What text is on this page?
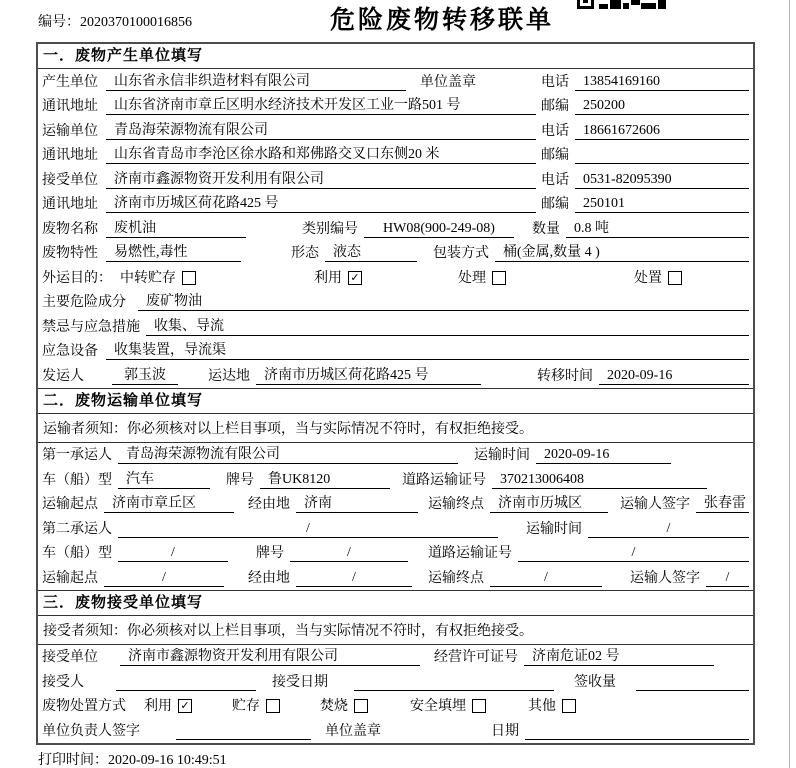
编号：2020370100016856	危险废物转移联单
一．废物产生单位填写
产生单位	山东省永信非织造材料有限公司	单位盖章	电话	13854169160
通讯地址	山东省济南市章丘区明水经济技术开发区工业一路501 号	邮编	250200
运输单位	青岛海荣源物流有限公司	电话	18661672606
通讯地址	山东省青岛市李沧区徐水路和郑佛路交叉口东侧20 米	邮编
接受单位	济南市鑫源物资开发利用有限公司	电话	0531-82095390
通讯地址	济南市历城区荷花路425 号	邮编	250101
废物名称	废机油	类别编号	HW08(900-249-08)	数量	0.8 吨
废物特性	易燃性,毒性	形态	液态	包装方式	桶(金属,数量 4 )
外运目的： 中转贮存	利用 ✓	处理	处置
主要危险成分	废矿物油
禁忌与应急措施	收集、导流
应急设备	收集装置，导流渠
发运人	郭玉波	运达地	济南市历城区荷花路425 号	转移时间	2020-09-16
二．废物运输单位填写
运输者须知：你必须核对以上栏目事项，当与实际情况不符时，有权拒绝接受。
第一承运人	青岛海荣源物流有限公司	运输时间	2020-09-16
车（船）型	汽车	牌号	鲁UK8120	道路运输证号	370213006408
运输起点	济南市章丘区	经由地	济南	运输终点	济南市历城区	运输人签字	张春雷
第二承运人	/	运输时间	/
车（船）型	/	牌号	/	道路运输证号	/
运输起点	/	经由地	/	运输终点	/	运输人签字	/
三．废物接受单位填写
接受者须知：你必须核对以上栏目事项，当与实际情况不符时，有权拒绝接受。
接受单位	济南市鑫源物资开发利用有限公司	经营许可证号	济南危证02 号
接受人	接受日期	签收量
废物处置方式 利用 ✓	贮存	焚烧	安全填埋	其他
单位负责人签字	单位盖章	日期
打印时间：2020-09-16 10:49:51
